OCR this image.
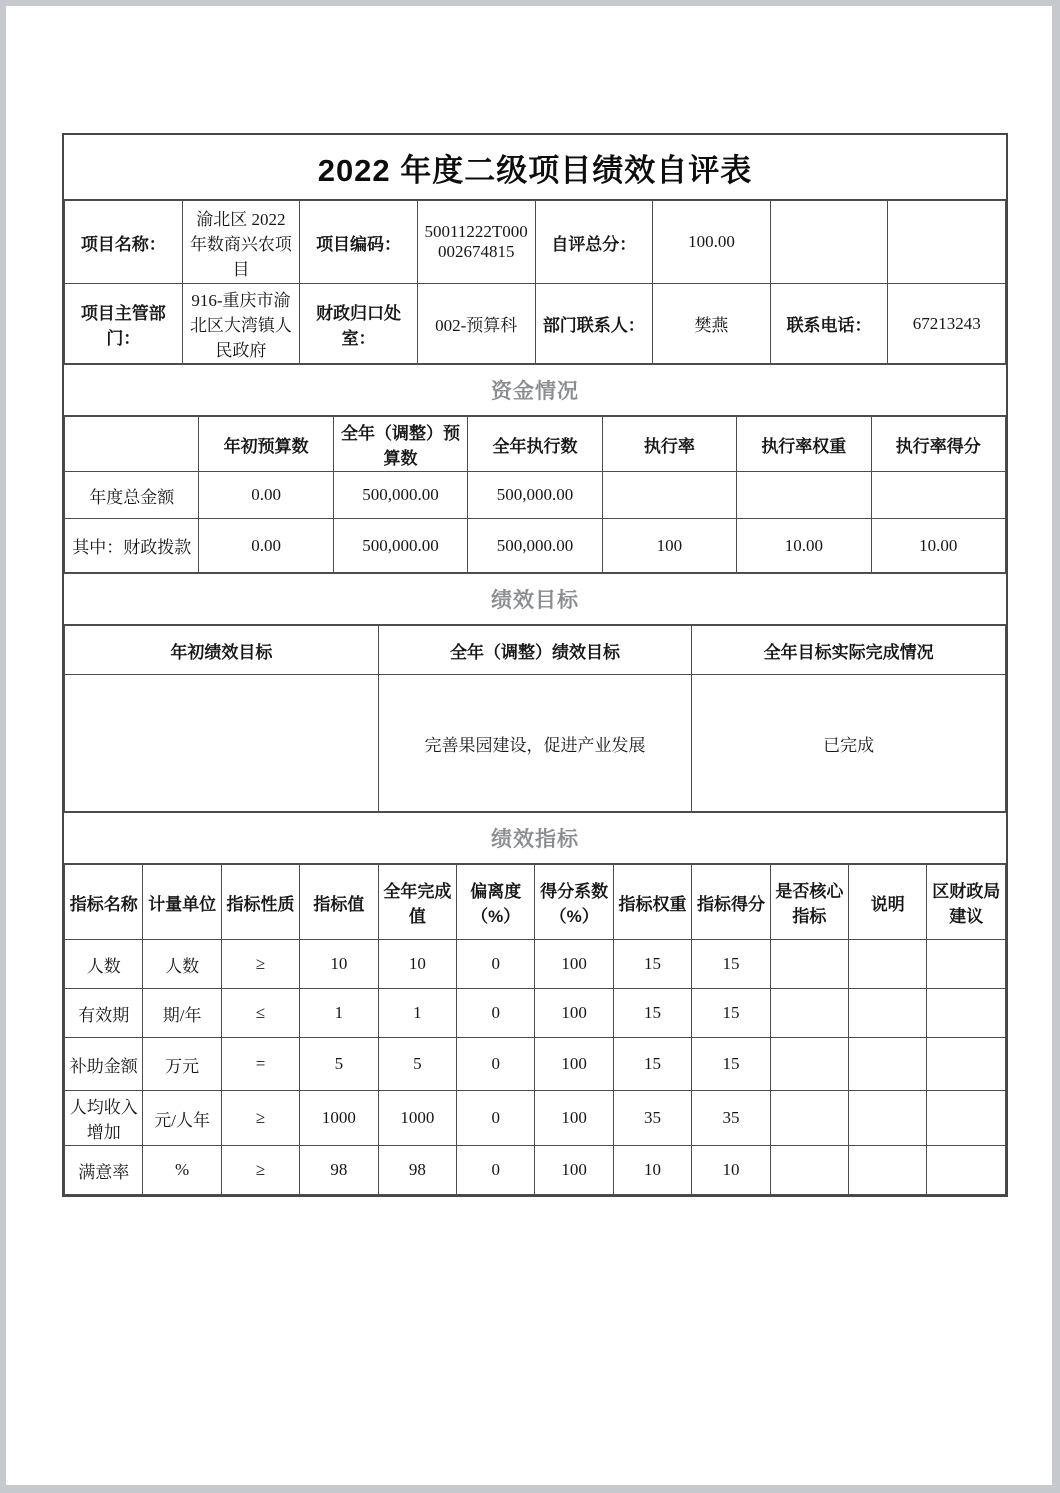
2022 年度二级项目绩效自评表
项目名称：	渝北区 2022 年数商兴农项目	项目编码：	50011222T000002674815	自评总分：	100.00		
项目主管部门：	916-重庆市渝北区大湾镇人民政府	财政归口处室：	002-预算科	部门联系人：	樊燕	联系电话：	67213243
资金情况
	年初预算数	全年（调整）预算数	全年执行数	执行率	执行率权重	执行率得分
年度总金额	0.00	500,000.00	500,000.00			
其中：财政拨款	0.00	500,000.00	500,000.00	100	10.00	10.00
绩效目标
年初绩效目标	全年（调整）绩效目标	全年目标实际完成情况
	完善果园建设，促进产业发展	已完成
绩效指标
指标名称	计量单位	指标性质	指标值	全年完成值	偏离度（%）	得分系数（%）	指标权重	指标得分	是否核心指标	说明	区财政局建议
人数	人数	≥	10	10	0	100	15	15			
有效期	期/年	≤	1	1	0	100	15	15			
补助金额	万元	=	5	5	0	100	15	15			
人均收入增加	元/人年	≥	1000	1000	0	100	35	35			
满意率	%	≥	98	98	0	100	10	10			
